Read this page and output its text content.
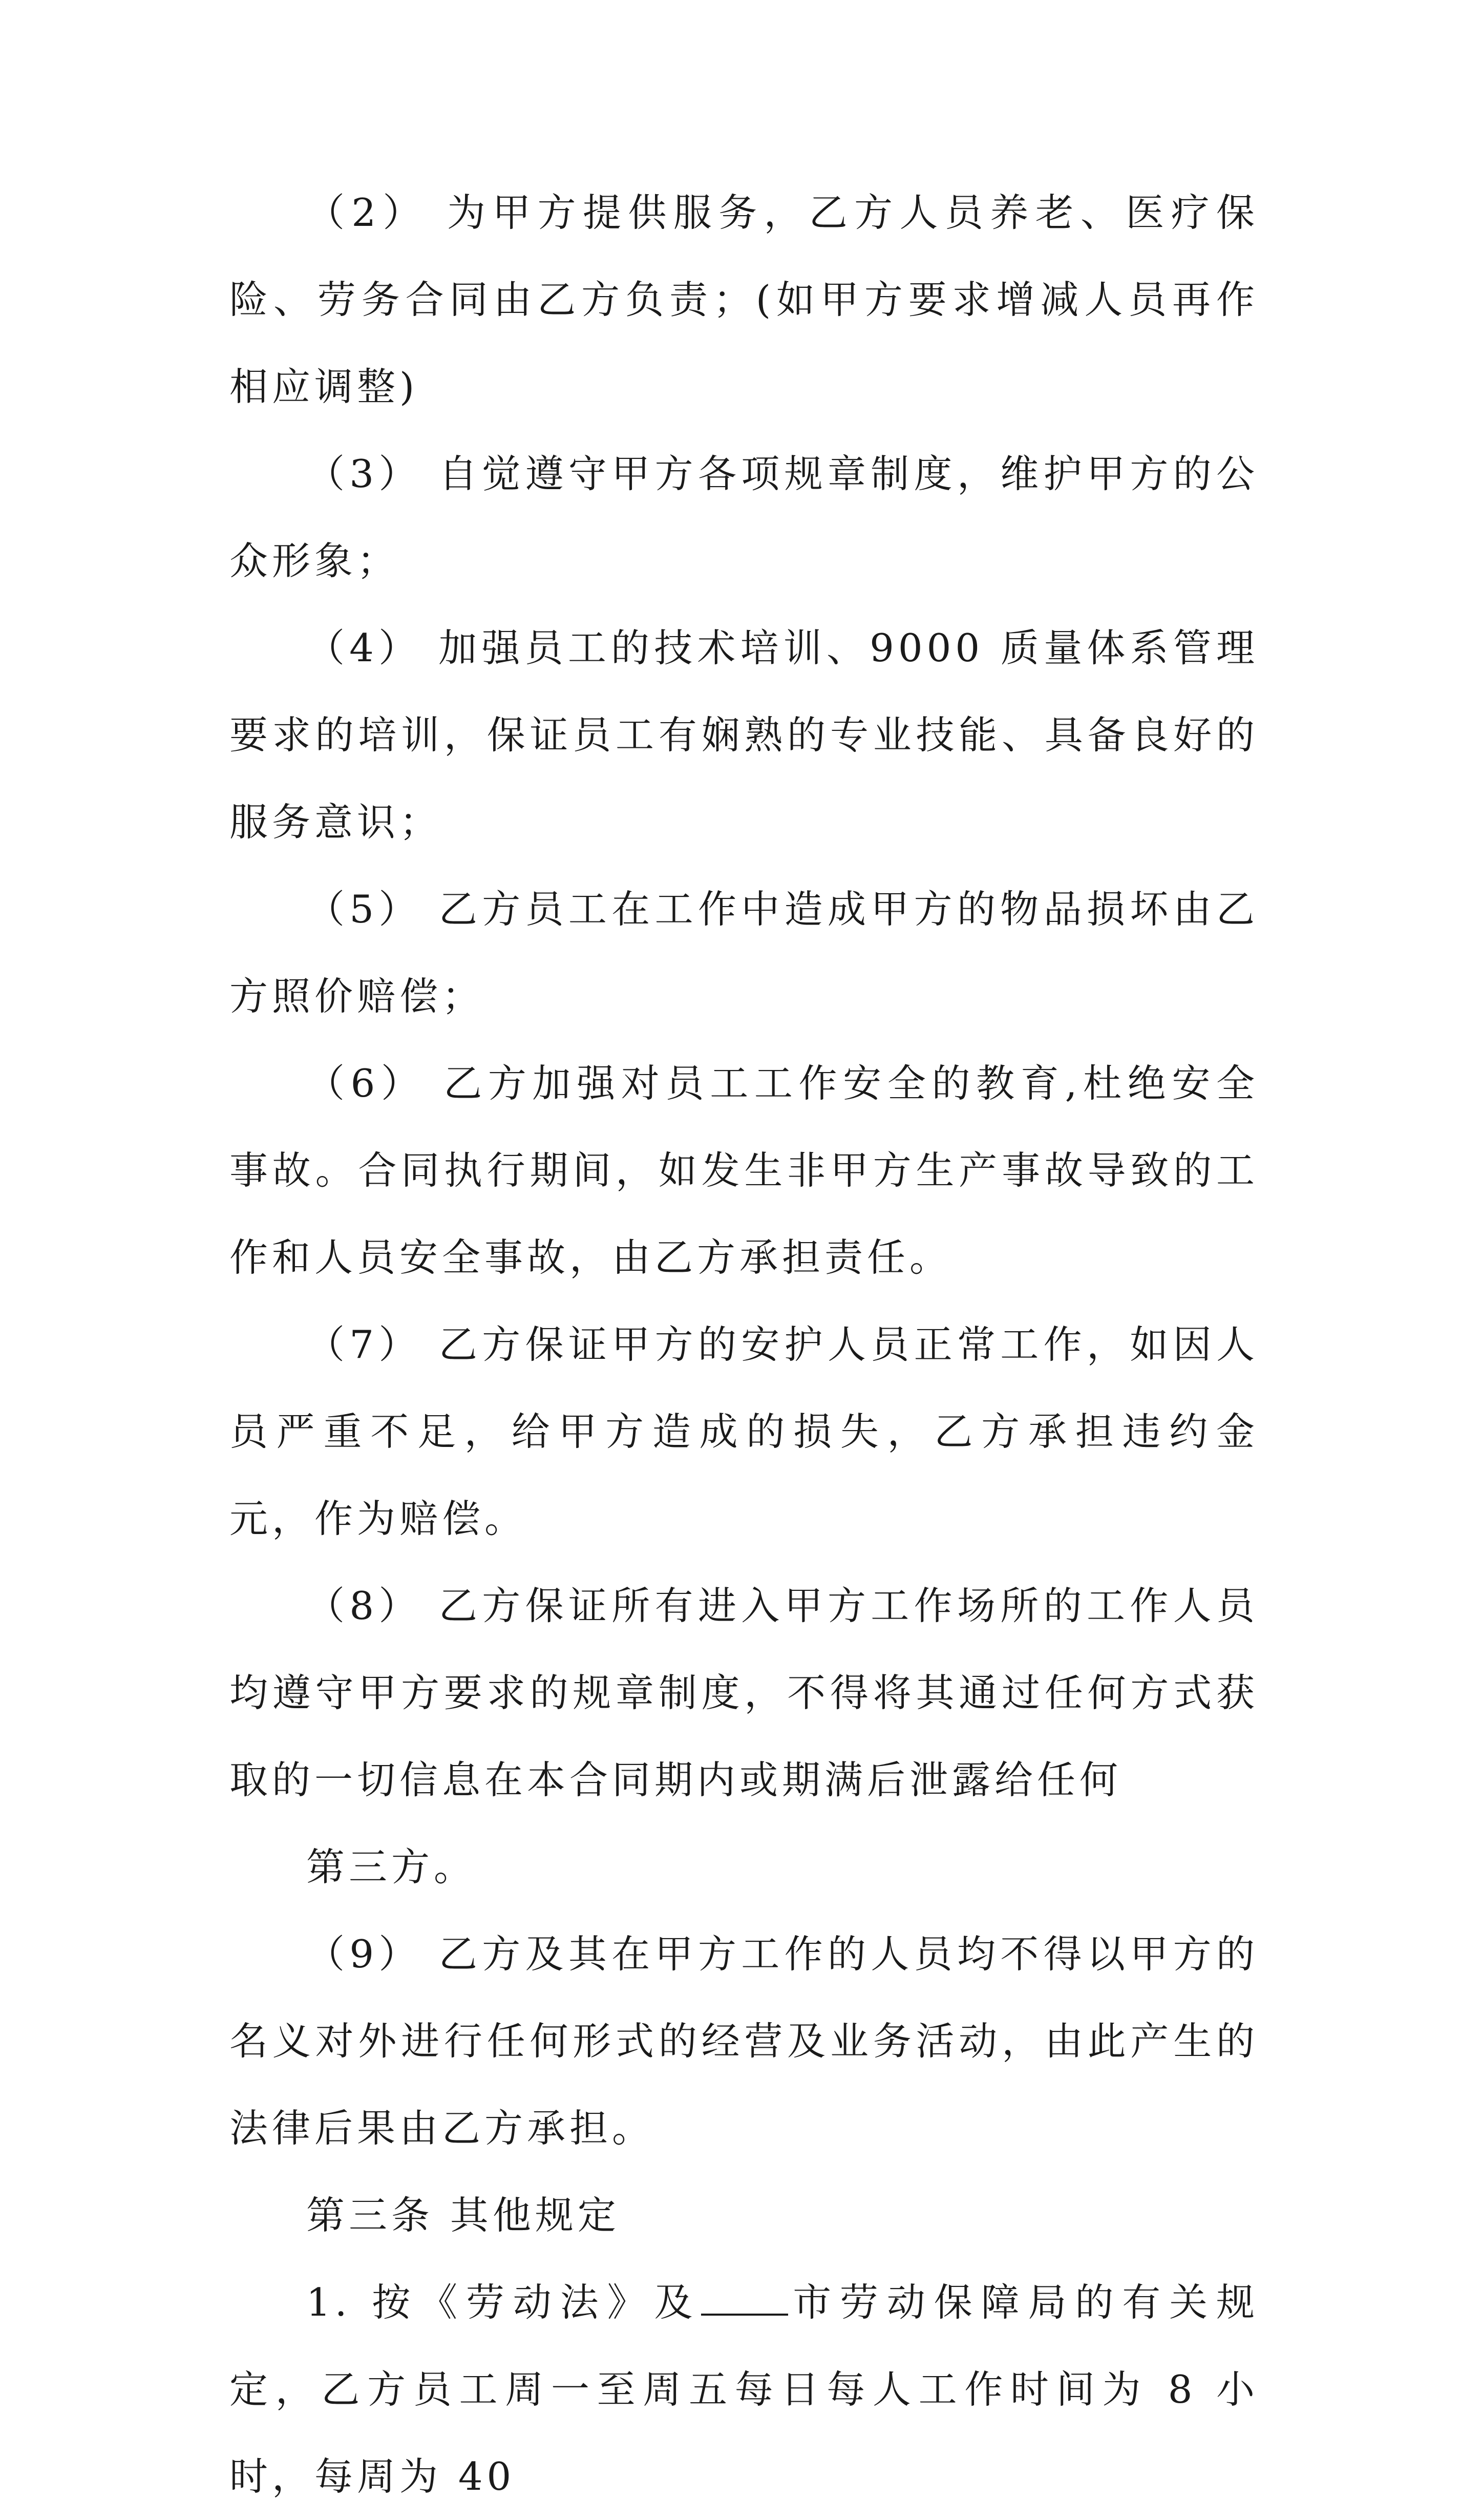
（2） 为甲方提供服务，乙方人员养老、医疗保险、劳务合同由乙方负责；(如甲方要求增减人员再作相应调整)

（3） 自觉遵守甲方各项规章制度，维护甲方的公众形象；

（4） 加强员工的技术培训、9000 质量体系管理要求的培训，保证员工有娴熟的专业技能、具备良好的服务意识；

（5） 乙方员工在工作中造成甲方的物品损坏由乙方照价赔偿；

（6） 乙方加强对员工工作安全的教育,杜绝安全事故。合同执行期间，如发生非甲方生产事故导致的工作和人员安全事故，由乙方承担责任。

（7） 乙方保证甲方的安护人员正常工作，如因人员严重不足，给甲方造成的损失，乙方承担违约金 元，作为赔偿。

（8） 乙方保证所有进入甲方工作场所的工作人员均遵守甲方要求的规章制度，不得将其通过任何方式获取的一切信息在本合同期内或期满后泄露给任何

第三方。

（9） 乙方及其在甲方工作的人员均不得以甲方的名义对外进行任何形式的经营及业务活动，由此产生的法律后果由乙方承担。

第三条 其他规定

1. 按《劳动法》及 市劳动保障局的有关规定，乙方员工周一至周五每日每人工作时间为 8 小时，每周为 40
